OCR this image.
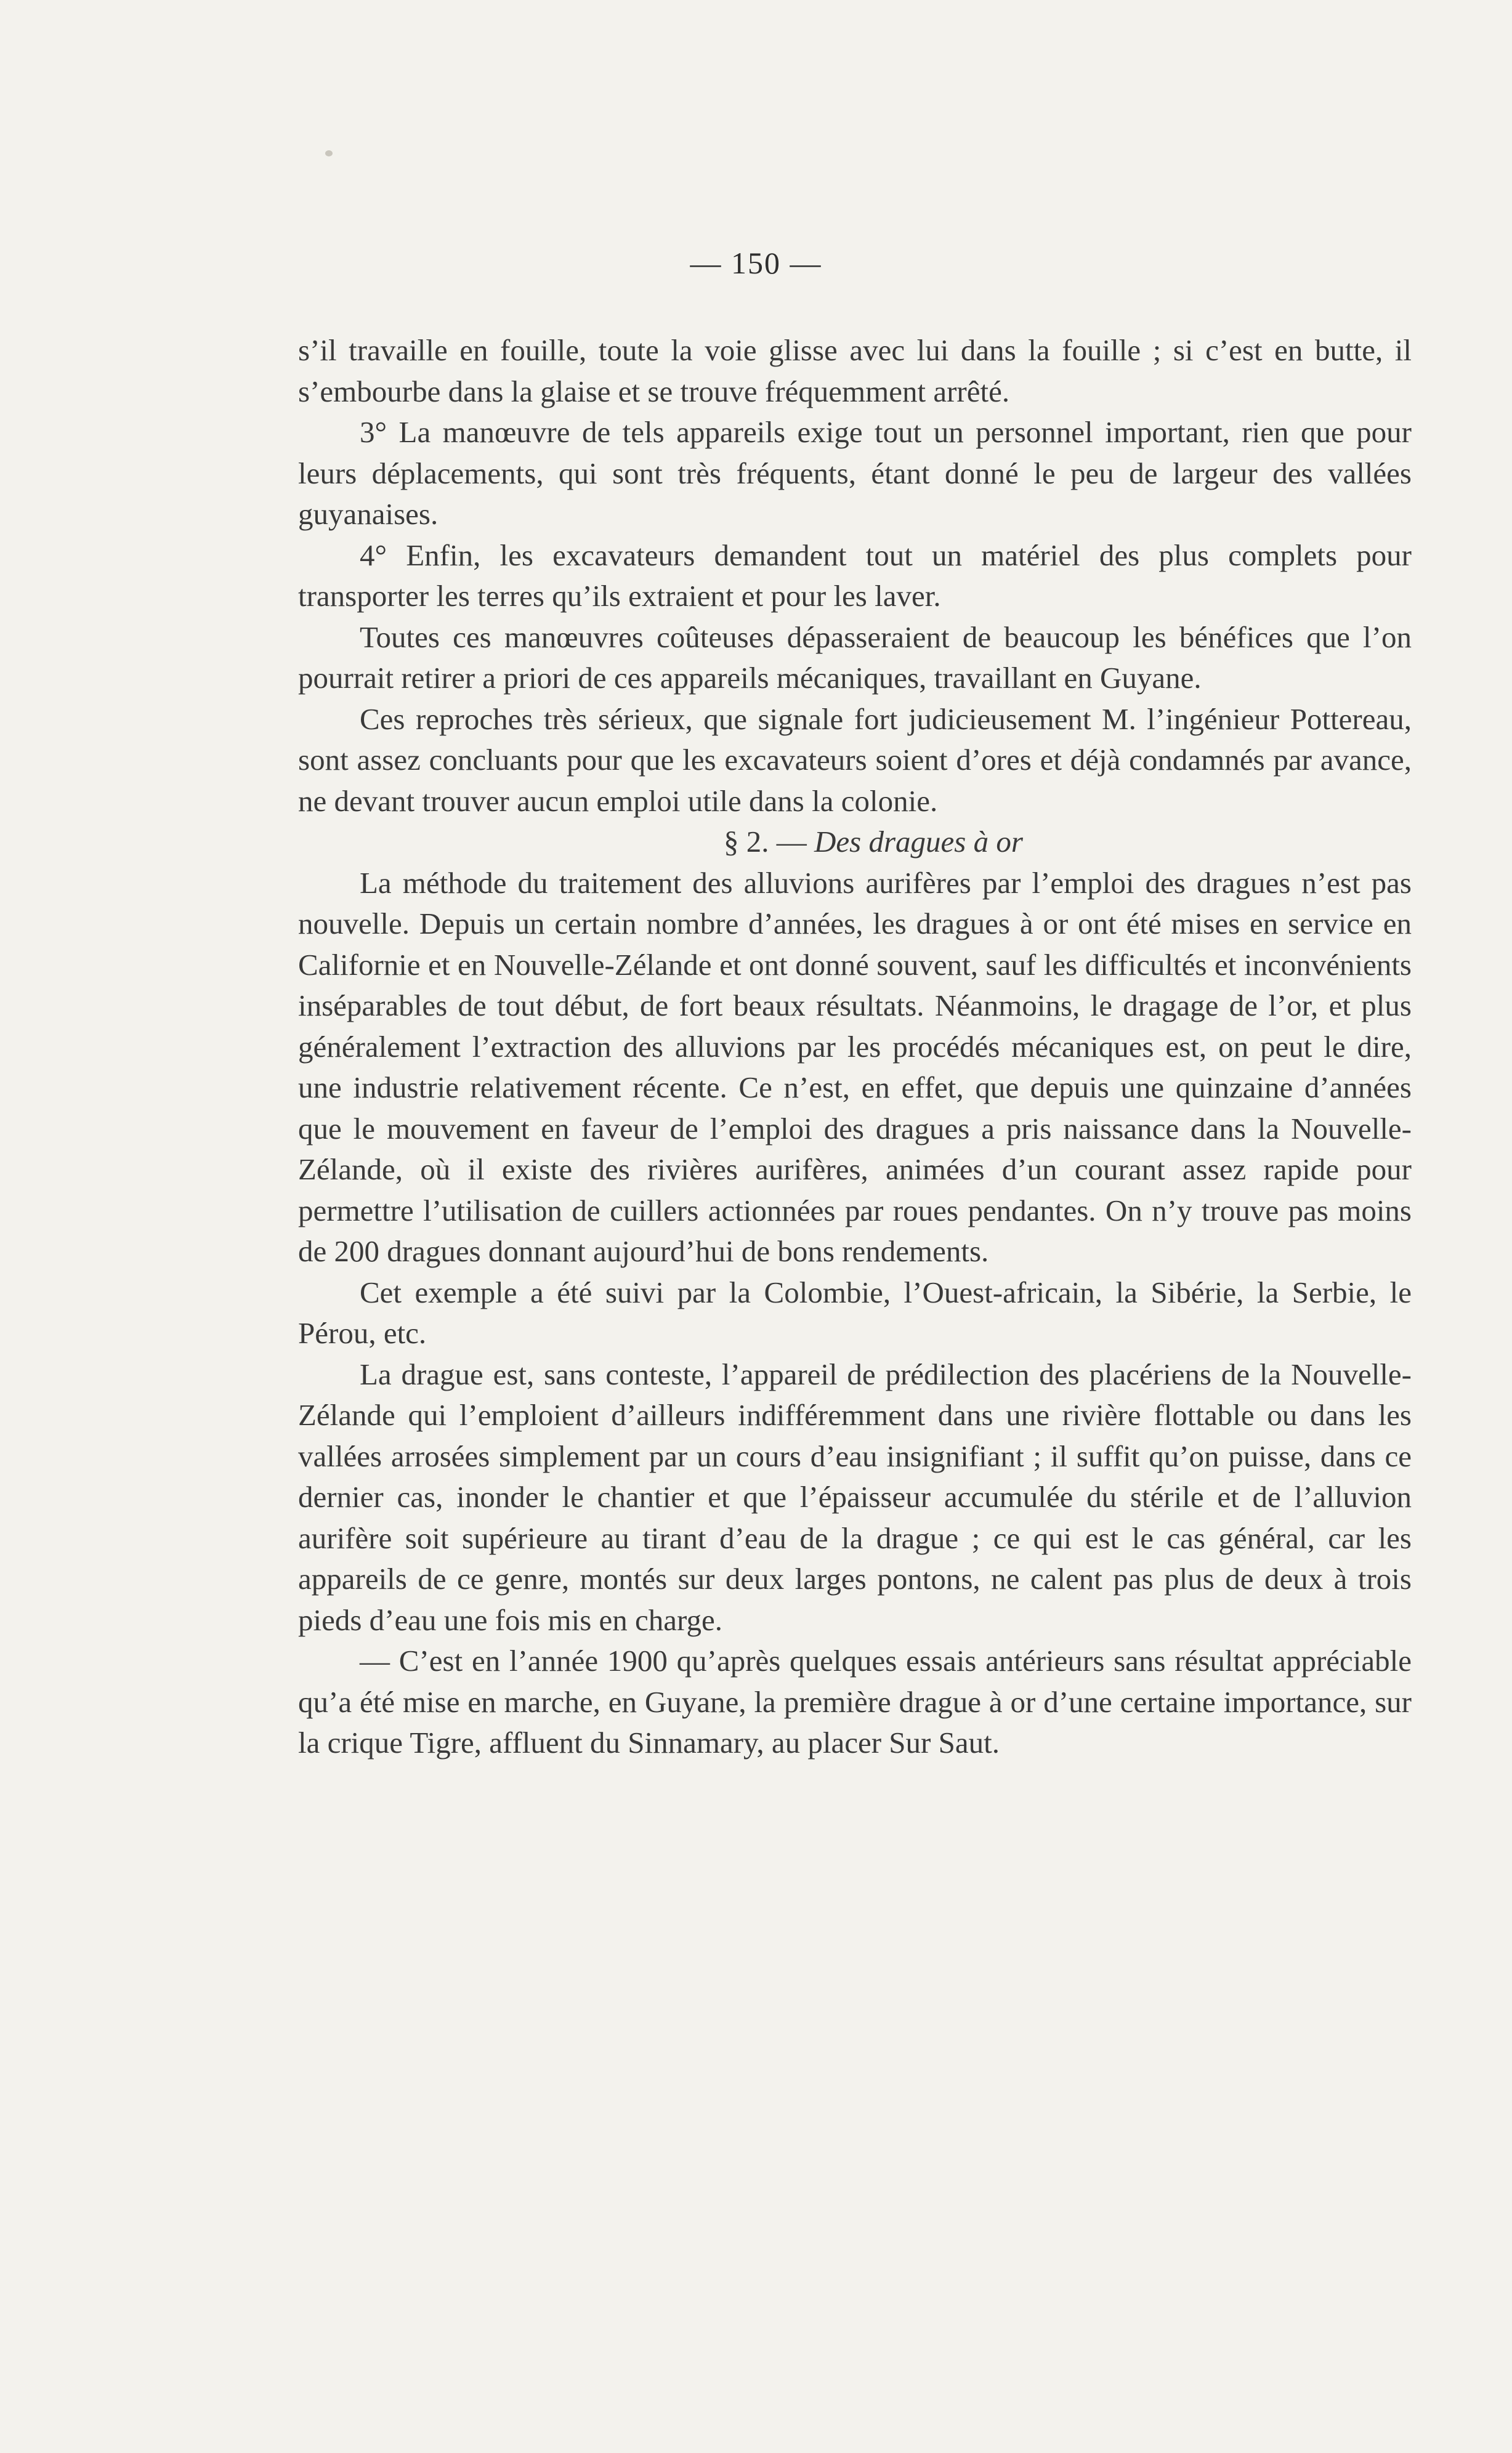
— 150 —

s’il travaille en fouille, toute la voie glisse avec lui dans la fouille ; si c’est en butte, il s’embourbe dans la glaise et se trouve fréquemment arrêté.

3° La manœuvre de tels appareils exige tout un personnel important, rien que pour leurs déplacements, qui sont très fréquents, étant donné le peu de largeur des vallées guyanaises.

4° Enfin, les excavateurs demandent tout un matériel des plus complets pour transporter les terres qu’ils extraient et pour les laver.

Toutes ces manœuvres coûteuses dépasseraient de beaucoup les bénéfices que l’on pourrait retirer a priori de ces appareils mécaniques, travaillant en Guyane.

Ces reproches très sérieux, que signale fort judicieusement M. l’ingénieur Pottereau, sont assez concluants pour que les excavateurs soient d’ores et déjà condamnés par avance, ne devant trouver aucun emploi utile dans la colonie.

§ 2. — Des dragues à or

La méthode du traitement des alluvions aurifères par l’emploi des dragues n’est pas nouvelle. Depuis un certain nombre d’années, les dragues à or ont été mises en service en Californie et en Nouvelle-Zélande et ont donné souvent, sauf les difficultés et inconvénients inséparables de tout début, de fort beaux résultats. Néanmoins, le dragage de l’or, et plus généralement l’extraction des alluvions par les procédés mécaniques est, on peut le dire, une industrie relativement récente. Ce n’est, en effet, que depuis une quinzaine d’années que le mouvement en faveur de l’emploi des dragues a pris naissance dans la Nouvelle-Zélande, où il existe des rivières aurifères, animées d’un courant assez rapide pour permettre l’utilisation de cuillers actionnées par roues pendantes. On n’y trouve pas moins de 200 dragues donnant aujourd’hui de bons rendements.

Cet exemple a été suivi par la Colombie, l’Ouest-africain, la Sibérie, la Serbie, le Pérou, etc.

La drague est, sans conteste, l’appareil de prédilection des placériens de la Nouvelle-Zélande qui l’emploient d’ailleurs indifféremment dans une rivière flottable ou dans les vallées arrosées simplement par un cours d’eau insignifiant ; il suffit qu’on puisse, dans ce dernier cas, inonder le chantier et que l’épaisseur accumulée du stérile et de l’alluvion aurifère soit supérieure au tirant d’eau de la drague ; ce qui est le cas général, car les appareils de ce genre, montés sur deux larges pontons, ne calent pas plus de deux à trois pieds d’eau une fois mis en charge.

— C’est en l’année 1900 qu’après quelques essais antérieurs sans résultat appréciable qu’a été mise en marche, en Guyane, la première drague à or d’une certaine importance, sur la crique Tigre, affluent du Sinnamary, au placer Sur Saut.
